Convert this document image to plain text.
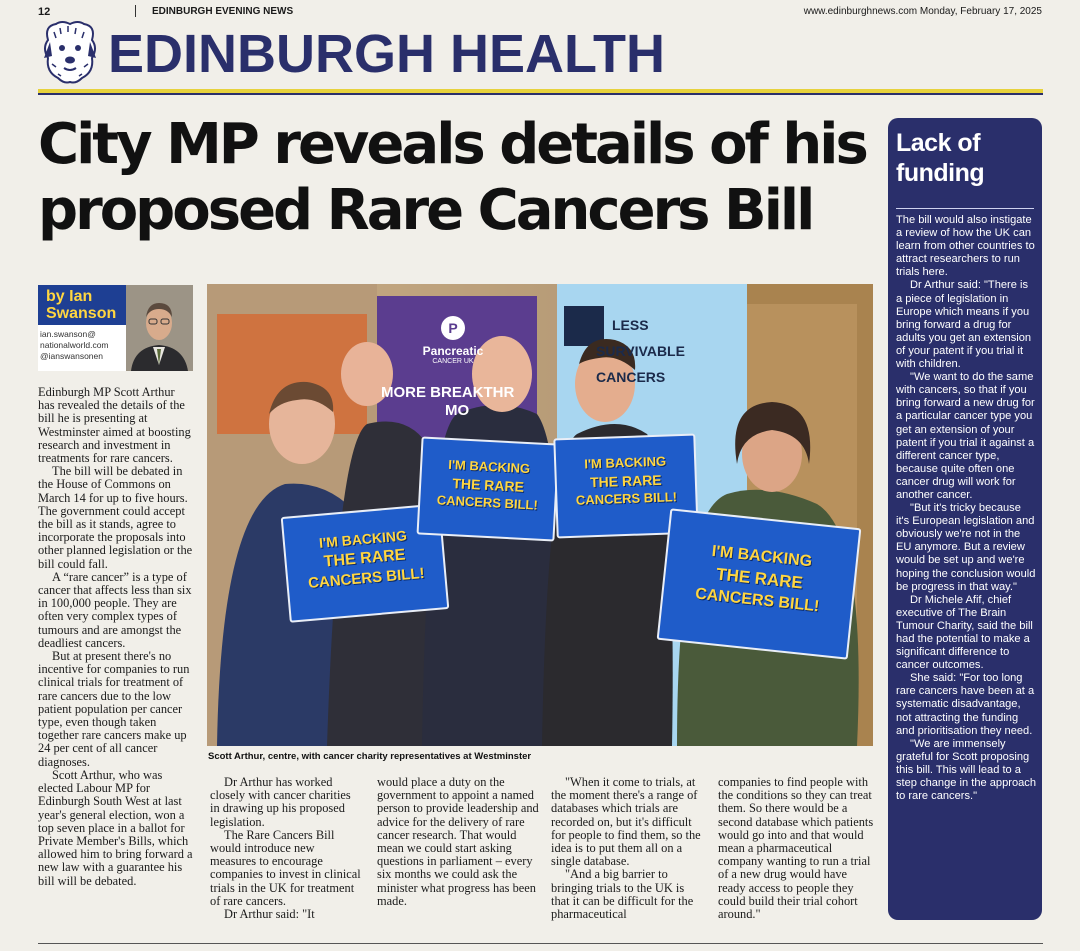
12	EDINBURGH EVENING NEWS	www.edinburghnews.com Monday, February 17, 2025
EDINBURGH HEALTH
City MP reveals details of his proposed Rare Cancers Bill
by Ian
Swanson
ian.swanson@
nationalworld.com
@ianswansonen

Edinburgh MP Scott Arthur has revealed the details of the bill he is presenting at Westminster aimed at boosting research and investment in treatments for rare cancers.

The bill will be debated in the House of Commons on March 14 for up to five hours. The government could accept the bill as it stands, agree to incorporate the proposals into other planned legislation or the bill could fall.

A “rare cancer” is a type of cancer that affects less than six in 100,000 people. They are often very complex types of tumours and are amongst the deadliest cancers.

But at present there's no incentive for companies to run clinical trials for treatment of rare cancers due to the low patient population per cancer type, even though taken together rare cancers make up 24 per cent of all cancer diagnoses.

Scott Arthur, who was elected Labour MP for Edinburgh South West at last year's general election, won a top seven place in a ballot for Private Member's Bills, which allowed him to bring forward a new law with a guarantee his bill will be debated.

P
Pancreatic
CANCER UK
MORE BREAKTHR
MO
LESS
SURVIVABLE
CANCERS
I'M BACKING
THE RARE
CANCERS BILL!
I'M BACKING
THE RARE
CANCERS BILL!
I'M BACKING
THE RARE
CANCERS BILL!
I'M BACKING
THE RARE
CANCERS BILL!
Scott Arthur, centre, with cancer charity representatives at Westminster

Dr Arthur has worked closely with cancer charities in drawing up his proposed legislation.

The Rare Cancers Bill would introduce new measures to encourage companies to invest in clinical trials in the UK for treatment of rare cancers.

Dr Arthur said: "It

would place a duty on the government to appoint a named person to provide leadership and advice for the delivery of rare cancer research. That would mean we could start asking questions in parliament – every six months we could ask the minister what progress has been made.

"When it come to trials, at the moment there's a range of databases which trials are recorded on, but it's difficult for people to find them, so the idea is to put them all on a single database.

"And a big barrier to bringing trials to the UK is that it can be difficult for the pharmaceutical

companies to find people with the conditions so they can treat them. So there would be a second database which patients would go into and that would mean a pharmaceutical company wanting to run a trial of a new drug would have ready access to people they could build their trial cohort around."

Lack of
funding

The bill would also instigate a review of how the UK can learn from other countries to attract researchers to run trials here.

Dr Arthur said: "There is a piece of legislation in Europe which means if you bring forward a drug for adults you get an extension of your patent if you trial it with children.

"We want to do the same with cancers, so that if you bring forward a new drug for a particular cancer type you get an extension of your patent if you trial it against a different cancer type, because quite often one cancer drug will work for another cancer.

"But it's tricky because it's European legislation and obviously we're not in the EU anymore. But a review would be set up and we're hoping the conclusion would be progress in that way."

Dr Michele Afif, chief executive of The Brain Tumour Charity, said the bill had the potential to make a significant difference to cancer outcomes.

She said: "For too long rare cancers have been at a systematic disadvantage, not attracting the funding and prioritisation they need.

"We are immensely grateful for Scott proposing this bill. This will lead to a step change in the approach to rare cancers."
